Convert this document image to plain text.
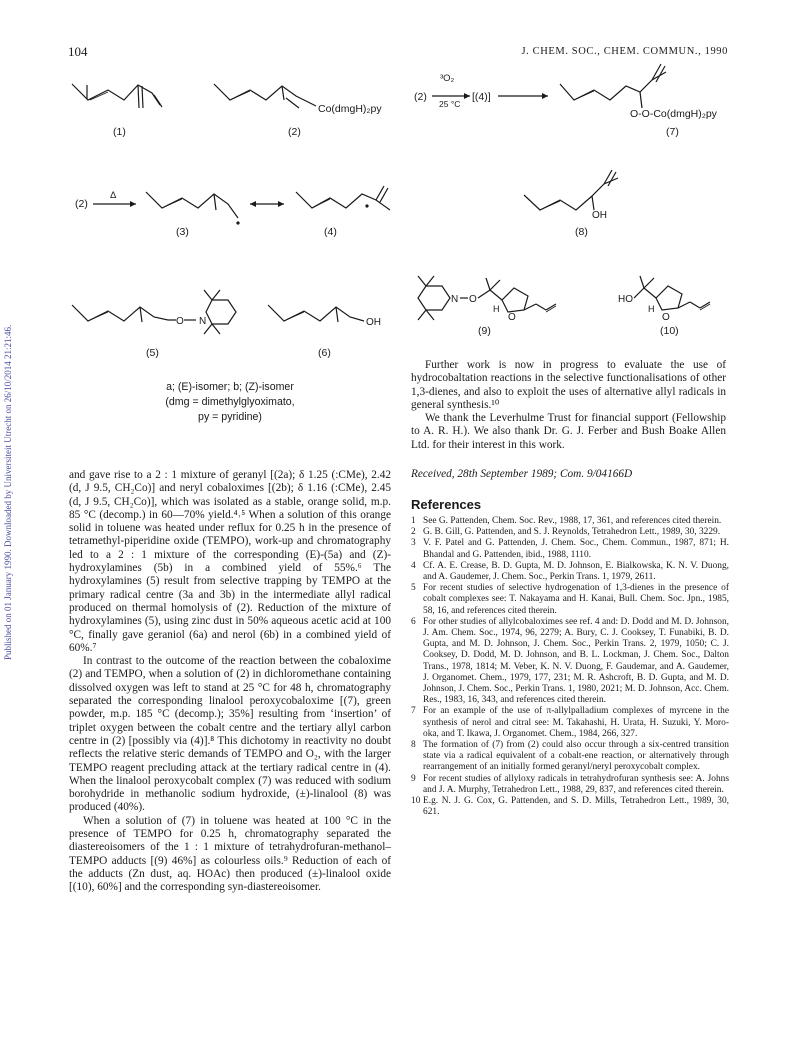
104	J. CHEM. SOC., CHEM. COMMUN., 1990
Published on 01 January 1990. Downloaded by Universiteit Utrecht on 26/10/2014 21:21:46.
(1)
Co(dmgH)₂py
(2)
(2)
³O₂
25 °C
[(4)]
O-O-Co(dmgH)₂py
(7)
(2)
Δ
(3)	(4)
OH
(8)
O N
(5)
OH
(6)
N O
H
O
(9)
HO
H
O
(10)
a; (E)-isomer; b; (Z)-isomer
(dmg = dimethylglyoximato,
py = pyridine)

and gave rise to a 2 : 1 mixture of geranyl [(2a); δ 1.25 (:CMe), 2.42 (d, J 9.5, CH₂Co)] and neryl cobaloximes [(2b); δ 1.16 (:CMe), 2.45 (d, J 9.5, CH₂Co)], which was isolated as a stable, orange solid, m.p. 85 °C (decomp.) in 60—70% yield.⁴˒⁵ When a solution of this orange solid in toluene was heated under reflux for 0.25 h in the presence of tetramethyl-piperidine oxide (TEMPO), work-up and chromatography led to a 2 : 1 mixture of the corresponding (E)-(5a) and (Z)-hydroxylamines (5b) in a combined yield of 55%.⁶ The hydroxylamines (5) result from selective trapping by TEMPO at the primary radical centre (3a and 3b) in the intermediate allyl radical produced on thermal homolysis of (2). Reduction of the mixture of hydroxylamines (5), using zinc dust in 50% aqueous acetic acid at 100 °C, finally gave geraniol (6a) and nerol (6b) in a combined yield of 60%.⁷

In contrast to the outcome of the reaction between the cobaloxime (2) and TEMPO, when a solution of (2) in dichloromethane containing dissolved oxygen was left to stand at 25 °C for 48 h, chromatography separated the corresponding linalool peroxycobaloxime [(7), green powder, m.p. 185 °C (decomp.); 35%] resulting from ‘insertion’ of triplet oxygen between the cobalt centre and the tertiary allyl carbon centre in (2) [possibly via (4)].⁸ This dichotomy in reactivity no doubt reflects the relative steric demands of TEMPO and O₂, with the larger TEMPO reagent precluding attack at the tertiary radical centre in (4). When the linalool peroxycobalt complex (7) was reduced with sodium borohydride in methanolic sodium hydroxide, (±)-linalool (8) was produced (40%).

When a solution of (7) in toluene was heated at 100 °C in the presence of TEMPO for 0.25 h, chromatography separated the diastereoisomers of the 1 : 1 mixture of tetrahydrofuran-methanol–TEMPO adducts [(9) 46%] as colourless oils.⁹ Reduction of each of the adducts (Zn dust, aq. HOAc) then produced (±)-linalool oxide [(10), 60%] and the corresponding syn-diastereoisomer.

Further work is now in progress to evaluate the use of hydrocobaltation reactions in the selective functionalisations of other 1,3-dienes, and also to exploit the uses of alternative allyl radicals in general synthesis.¹⁰

We thank the Leverhulme Trust for financial support (Fellowship to A. R. H.). We also thank Dr. G. J. Ferber and Bush Boake Allen Ltd. for their interest in this work.

Received, 28th September 1989; Com. 9/04166D
References

1 See G. Pattenden, Chem. Soc. Rev., 1988, 17, 361, and references cited therein.

2 G. B. Gill, G. Pattenden, and S. J. Reynolds, Tetrahedron Lett., 1989, 30, 3229.

3 V. F. Patel and G. Pattenden, J. Chem. Soc., Chem. Commun., 1987, 871; H. Bhandal and G. Pattenden, ibid., 1988, 1110.

4 Cf. A. E. Crease, B. D. Gupta, M. D. Johnson, E. Bialkowska, K. N. V. Duong, and A. Gaudemer, J. Chem. Soc., Perkin Trans. 1, 1979, 2611.

5 For recent studies of selective hydrogenation of 1,3-dienes in the presence of cobalt complexes see: T. Nakayama and H. Kanai, Bull. Chem. Soc. Jpn., 1985, 58, 16, and references cited therein.

6 For other studies of allylcobaloximes see ref. 4 and: D. Dodd and M. D. Johnson, J. Am. Chem. Soc., 1974, 96, 2279; A. Bury, C. J. Cooksey, T. Funabiki, B. D. Gupta, and M. D. Johnson, J. Chem. Soc., Perkin Trans. 2, 1979, 1050; C. J. Cooksey, D. Dodd, M. D. Johnson, and B. L. Lockman, J. Chem. Soc., Dalton Trans., 1978, 1814; M. Veber, K. N. V. Duong, F. Gaudemar, and A. Gaudemer, J. Organomet. Chem., 1979, 177, 231; M. R. Ashcroft, B. D. Gupta, and M. D. Johnson, J. Chem. Soc., Perkin Trans. 1, 1980, 2021; M. D. Johnson, Acc. Chem. Res., 1983, 16, 343, and references cited therein.

7 For an example of the use of π-allylpalladium complexes of myrcene in the synthesis of nerol and citral see: M. Takahashi, H. Urata, H. Suzuki, Y. Moro-oka, and T. Ikawa, J. Organomet. Chem., 1984, 266, 327.

8 The formation of (7) from (2) could also occur through a six-centred transition state via a radical equivalent of a cobalt-ene reaction, or alternatively through rearrangement of an initially formed geranyl/neryl peroxycobalt complex.

9 For recent studies of allyloxy radicals in tetrahydrofuran synthesis see: A. Johns and J. A. Murphy, Tetrahedron Lett., 1988, 29, 837, and references cited therein.

10 E.g. N. J. G. Cox, G. Pattenden, and S. D. Mills, Tetrahedron Lett., 1989, 30, 621.
